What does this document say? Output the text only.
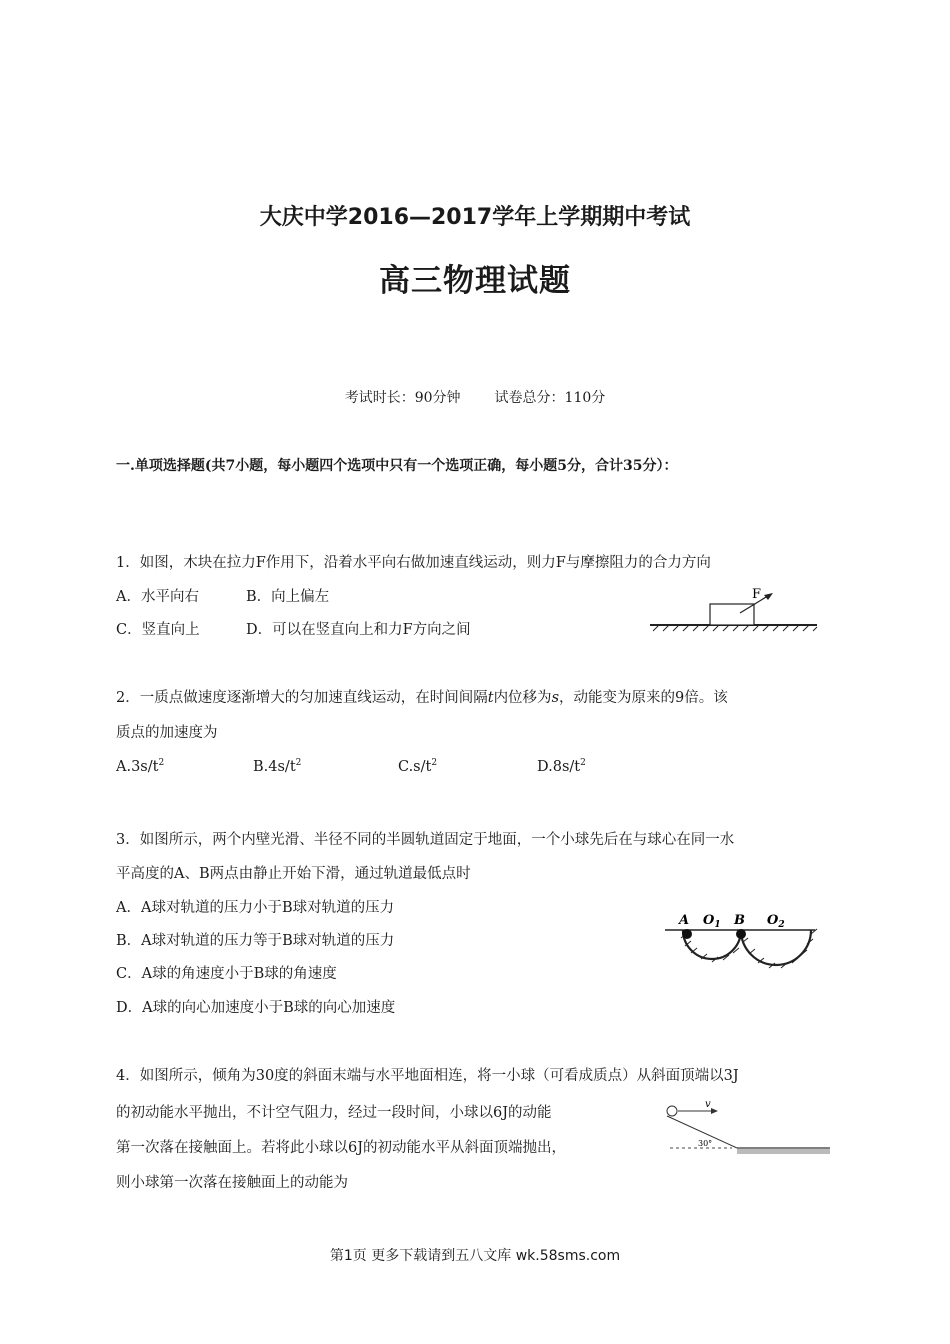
大庆中学2016—2017学年上学期期中考试
高三物理试题
考试时长：90分钟 试卷总分：110分
一.单项选择题(共7小题，每小题四个选项中只有一个选项正确，每小题5分，合计35分）：
1．如图，木块在拉力F作用下，沿着水平向右做加速直线运动，则力F与摩擦阻力的合力方向
A．水平向右	B．向上偏左
C．竖直向上	D．可以在竖直向上和力F方向之间
F
2．一质点做速度逐渐增大的匀加速直线运动，在时间间隔t内位移为s，动能变为原来的9倍。该
质点的加速度为
$A.3s/t^2$	$B.4s/t^2$	$C.s/t^2$	$D.8s/t^2$
3．如图所示，两个内壁光滑、半径不同的半圆轨道固定于地面，一个小球先后在与球心在同一水
平高度的A、B两点由静止开始下滑，通过轨道最低点时
A．A球对轨道的压力小于B球对轨道的压力
B．A球对轨道的压力等于B球对轨道的压力
C．A球的角速度小于B球的角速度
D．A球的向心加速度小于B球的向心加速度
A $O_1$ B $O_2$
4．如图所示，倾角为30度的斜面末端与水平地面相连，将一小球（可看成质点）从斜面顶端以3J
的初动能水平抛出，不计空气阻力，经过一段时间，小球以6J的动能
第一次落在接触面上。若将此小球以6J的初动能水平从斜面顶端抛出，
则小球第一次落在接触面上的动能为
v
30°
第1页 更多下载请到五八文库 wk.58sms.com
